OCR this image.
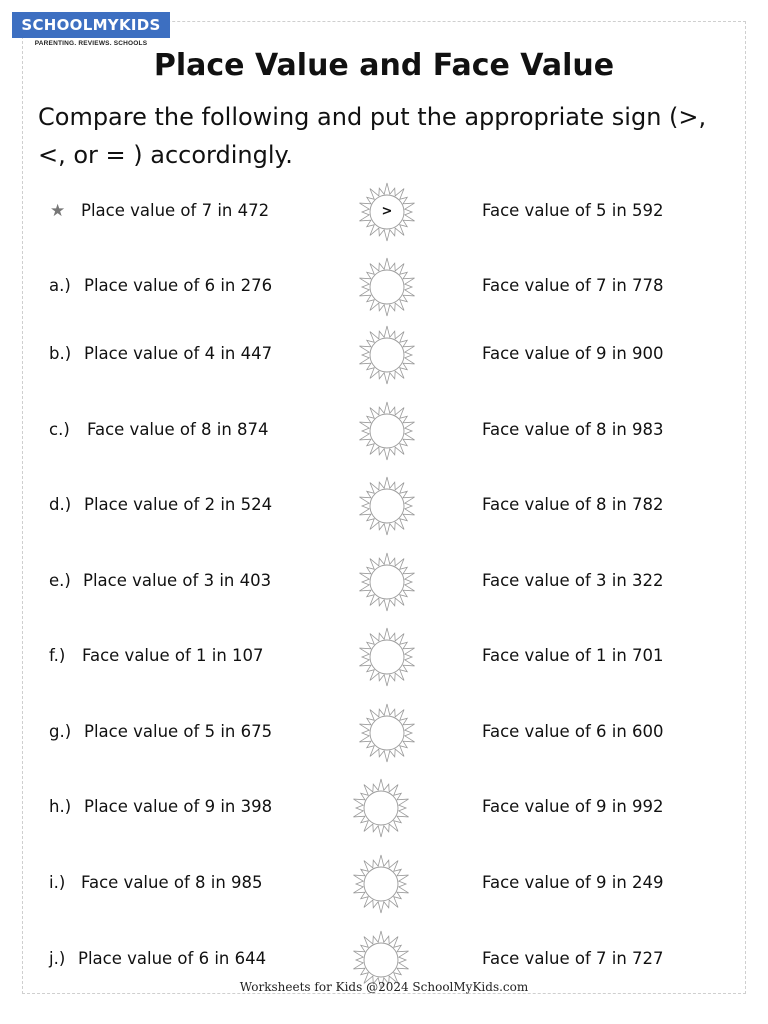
SCHOOLMYKIDS
PARENTING. REVIEWS. SCHOOLS
Place Value and Face Value
Compare the following and put the appropriate sign (>, <, or = ) accordingly.
★ Place value of 7 in 472	>	Face value of 5 in 592
a.) Place value of 6 in 276	Face value of 7 in 778
b.) Place value of 4 in 447	Face value of 9 in 900
c.) Face value of 8 in 874	Face value of 8 in 983
d.) Place value of 2 in 524	Face value of 8 in 782
e.) Place value of 3 in 403	Face value of 3 in 322
f.) Face value of 1 in 107	Face value of 1 in 701
g.) Place value of 5 in 675	Face value of 6 in 600
h.) Place value of 9 in 398	Face value of 9 in 992
i.) Face value of 8 in 985	Face value of 9 in 249
j.) Place value of 6 in 644	Face value of 7 in 727
Worksheets for Kids @2024 SchoolMyKids.com
